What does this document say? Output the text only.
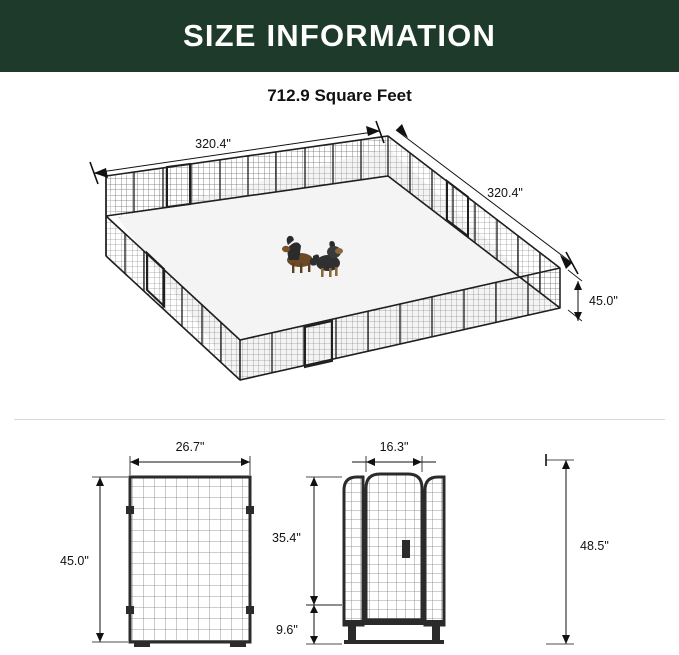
SIZE INFORMATION
712.9 Square Feet
320.4"
320.4"
45.0"
26.7"
45.0"
16.3"
35.4"
9.6"
48.5"
